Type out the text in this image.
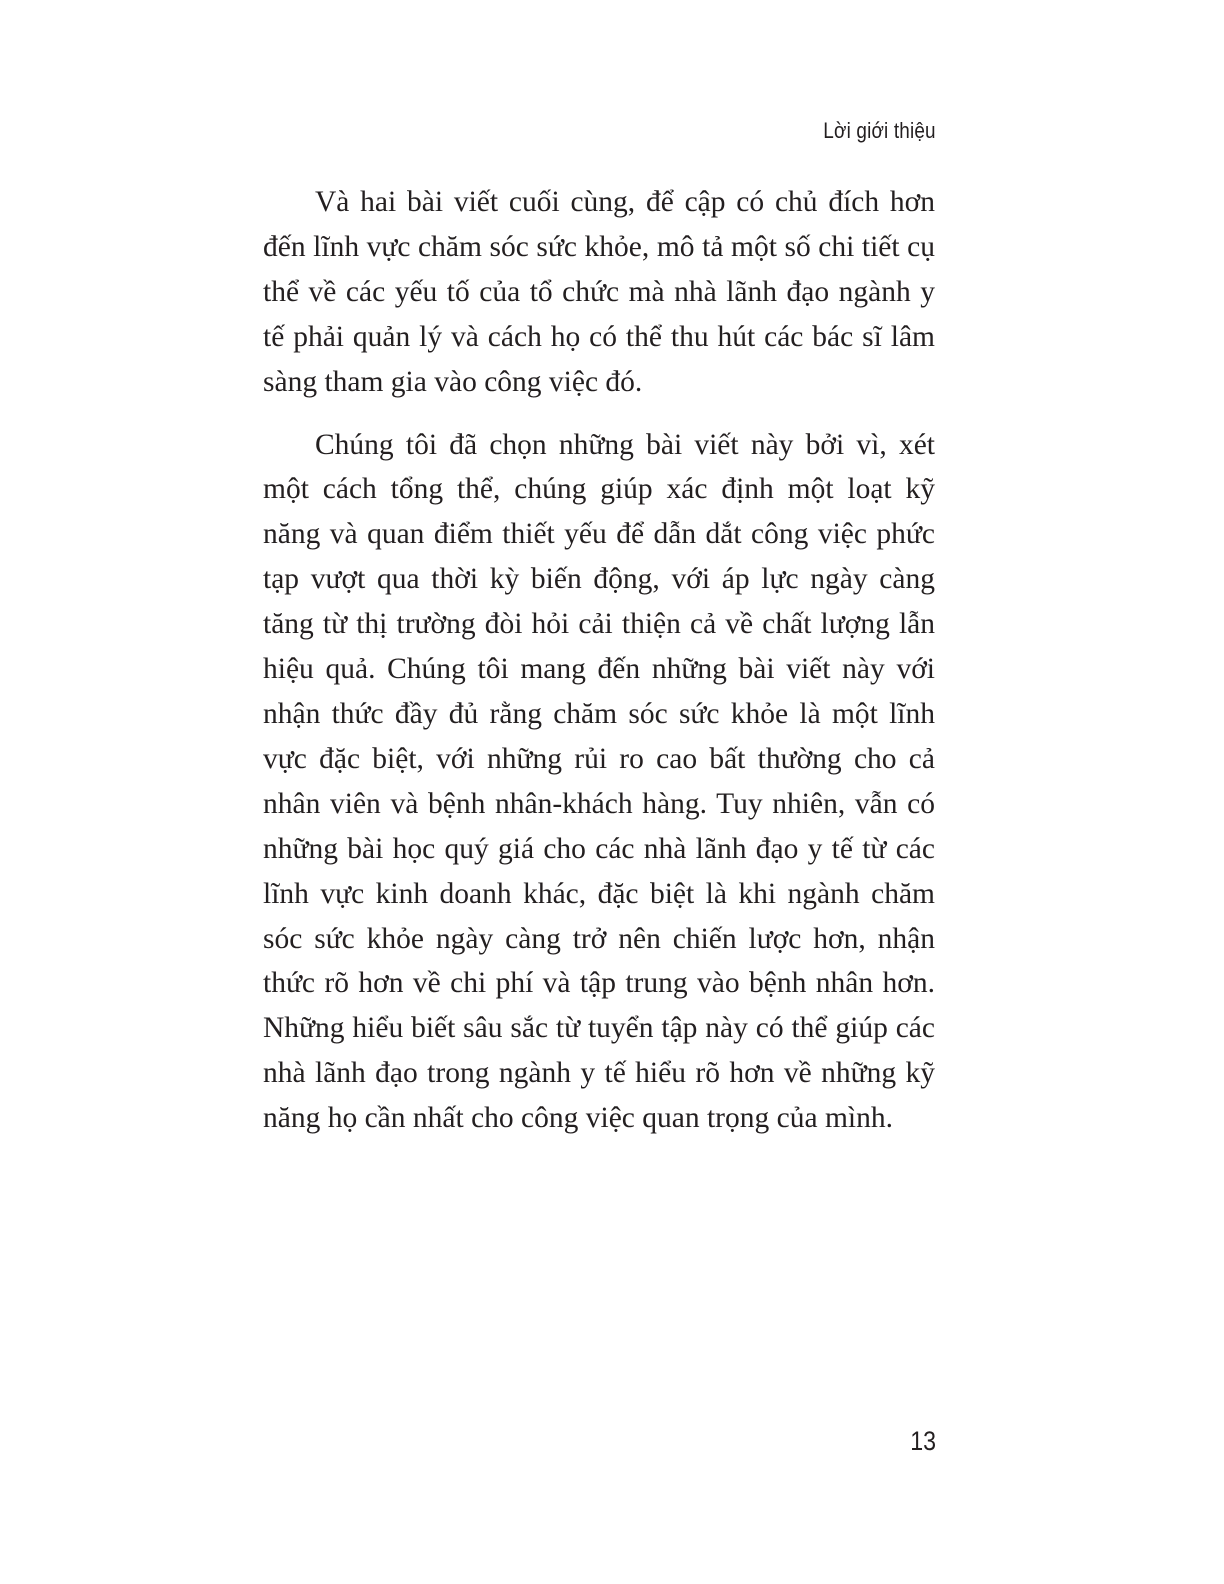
Lời giới thiệu

Và hai bài viết cuối cùng, để cập có chủ đích hơn
đến lĩnh vực chăm sóc sức khỏe, mô tả một số chi tiết cụ
thể về các yếu tố của tổ chức mà nhà lãnh đạo ngành y
tế phải quản lý và cách họ có thể thu hút các bác sĩ lâm
sàng tham gia vào công việc đó.

Chúng tôi đã chọn những bài viết này bởi vì, xét
một cách tổng thể, chúng giúp xác định một loạt kỹ
năng và quan điểm thiết yếu để dẫn dắt công việc phức
tạp vượt qua thời kỳ biến động, với áp lực ngày càng
tăng từ thị trường đòi hỏi cải thiện cả về chất lượng lẫn
hiệu quả. Chúng tôi mang đến những bài viết này với
nhận thức đầy đủ rằng chăm sóc sức khỏe là một lĩnh
vực đặc biệt, với những rủi ro cao bất thường cho cả
nhân viên và bệnh nhân-khách hàng. Tuy nhiên, vẫn có
những bài học quý giá cho các nhà lãnh đạo y tế từ các
lĩnh vực kinh doanh khác, đặc biệt là khi ngành chăm
sóc sức khỏe ngày càng trở nên chiến lược hơn, nhận
thức rõ hơn về chi phí và tập trung vào bệnh nhân hơn.
Những hiểu biết sâu sắc từ tuyển tập này có thể giúp các
nhà lãnh đạo trong ngành y tế hiểu rõ hơn về những kỹ
năng họ cần nhất cho công việc quan trọng của mình.

13
